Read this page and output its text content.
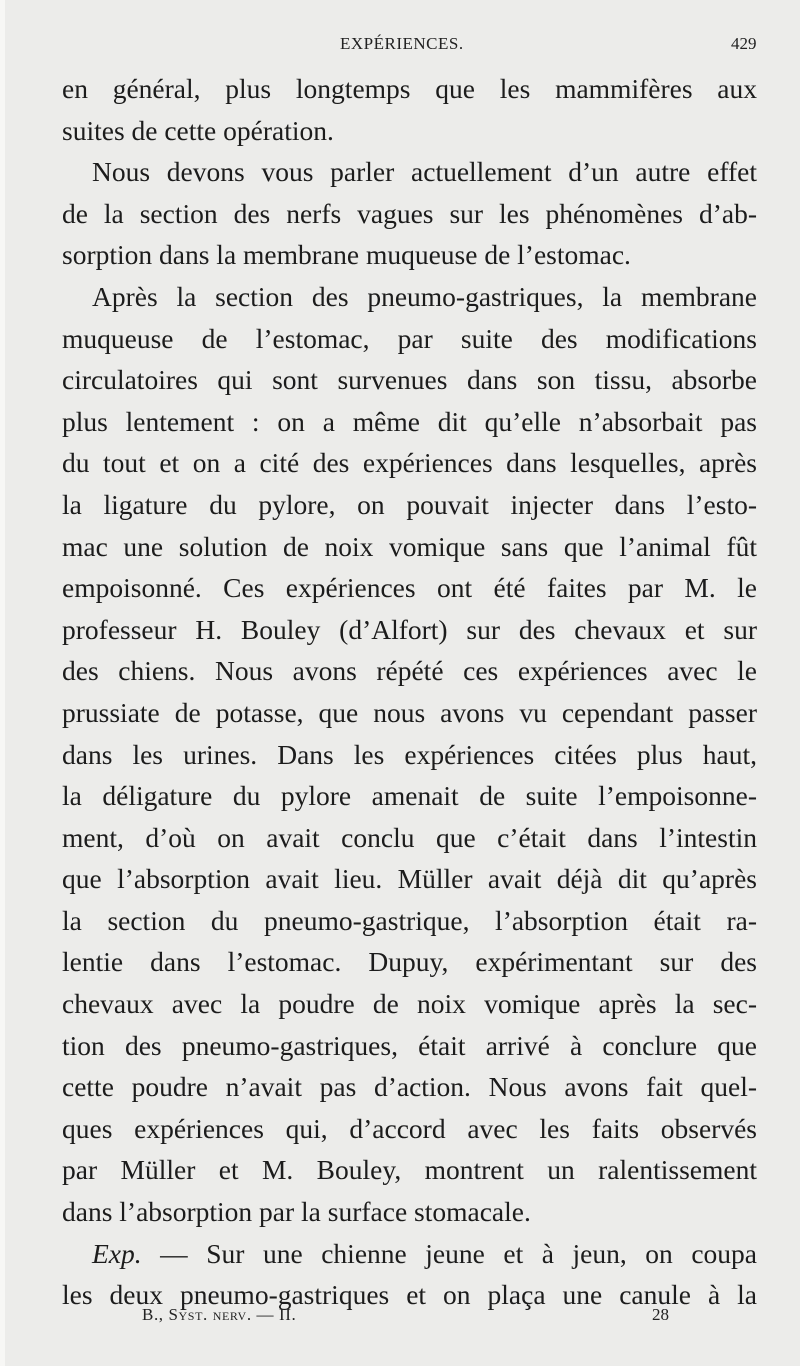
EXPÉRIENCES.	429
en général, plus longtemps que les mammifères aux
suites de cette opération.
Nous devons vous parler actuellement d’un autre effet
de la section des nerfs vagues sur les phénomènes d’ab-
sorption dans la membrane muqueuse de l’estomac.
Après la section des pneumo-gastriques, la membrane
muqueuse de l’estomac, par suite des modifications
circulatoires qui sont survenues dans son tissu, absorbe
plus lentement : on a même dit qu’elle n’absorbait pas
du tout et on a cité des expériences dans lesquelles, après
la ligature du pylore, on pouvait injecter dans l’esto-
mac une solution de noix vomique sans que l’animal fût
empoisonné. Ces expériences ont été faites par M. le
professeur H. Bouley (d’Alfort) sur des chevaux et sur
des chiens. Nous avons répété ces expériences avec le
prussiate de potasse, que nous avons vu cependant passer
dans les urines. Dans les expériences citées plus haut,
la déligature du pylore amenait de suite l’empoisonne-
ment, d’où on avait conclu que c’était dans l’intestin
que l’absorption avait lieu. Müller avait déjà dit qu’après
la section du pneumo-gastrique, l’absorption était ra-
lentie dans l’estomac. Dupuy, expérimentant sur des
chevaux avec la poudre de noix vomique après la sec-
tion des pneumo-gastriques, était arrivé à conclure que
cette poudre n’avait pas d’action. Nous avons fait quel-
ques expériences qui, d’accord avec les faits observés
par Müller et M. Bouley, montrent un ralentissement
dans l’absorption par la surface stomacale.
Exp. — Sur une chienne jeune et à jeun, on coupa
les deux pneumo-gastriques et on plaça une canule à la
B., Syst. nerv. — II.	28
